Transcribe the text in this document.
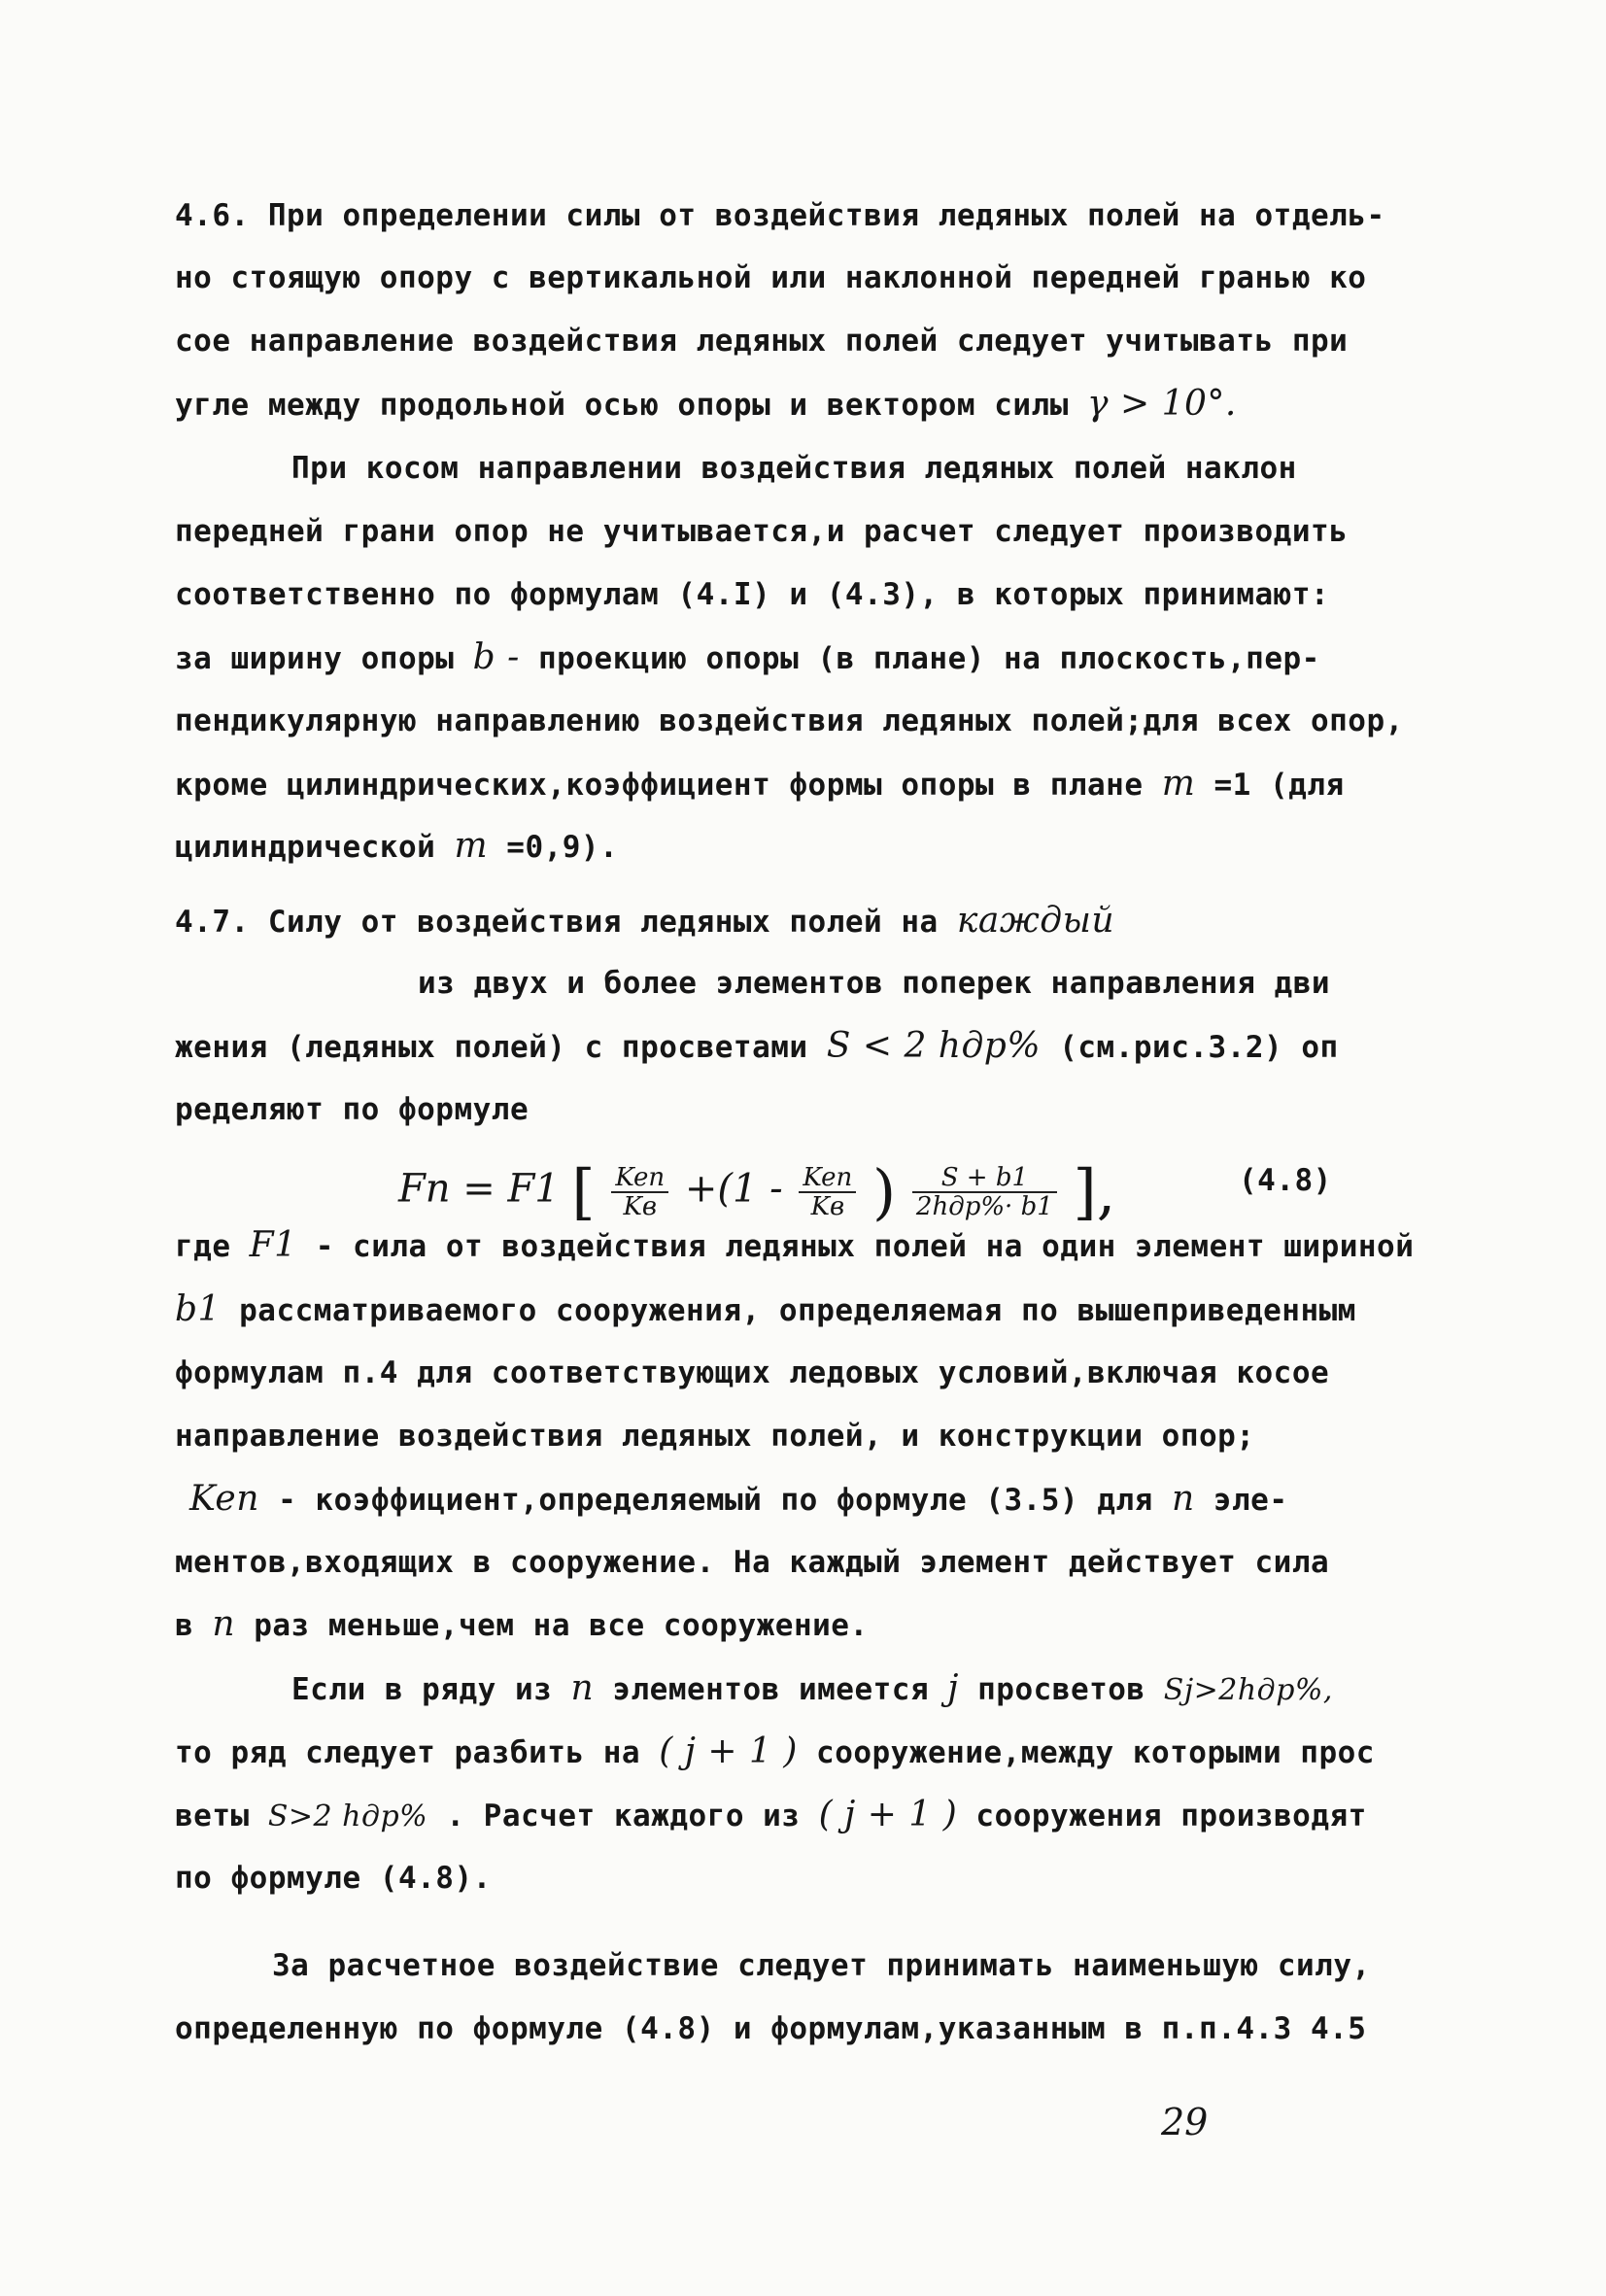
4.6. При определении силы от воздействия ледяных полей на отдель-
но стоящую опору с вертикальной или наклонной передней гранью ко
сое направление воздействия ледяных полей следует учитывать при
угле между продольной осью опоры и вектором силы γ > 10°.
При косом направлении воздействия ледяных полей наклон
передней грани опор не учитывается,и расчет следует производить
соответственно по формулам (4.I) и (4.3), в которых принимают:
за ширину опоры b - проекцию опоры (в плане) на плоскость,пер-
пендикулярную направлению воздействия ледяных полей;для всех опор,
кроме цилиндрических,коэффициент формы опоры в плане m =1 (для
цилиндрической m =0,9).
4.7. Силу от воздействия ледяных полей на каждый
из двух и более элементов поперек направления дви
жения (ледяных полей) с просветами S < 2 hдр% (см.рис.3.2) оп
ределяют по формуле
Fn = F1 [ $\frac{\text{Ken}}{Kв} +(1 - \frac{\text{Ken}}{Kв}$ ) $\frac{S + b1}{\text{2hдр\%· b1}}$ ],	(4.8)
где F1 - сила от воздействия ледяных полей на один элемент шириной
b1 рассматриваемого сооружения, определяемая по вышеприведенным
формулам п.4 для соответствующих ледовых условий,включая косое
направление воздействия ледяных полей, и конструкции опор;
Ken - коэффициент,определяемый по формуле (3.5) для n эле-
ментов,входящих в сооружение. На каждый элемент действует сила
в n раз меньше,чем на все сооружение.
Если в ряду из n элементов имеется j просветов Sj>2hдр%,
то ряд следует разбить на ( j + 1 ) сооружение,между которыми прос
веты S>2 hдр% . Расчет каждого из ( j + 1 ) сооружения производят
по формуле (4.8).
За расчетное воздействие следует принимать наименьшую силу,
определенную по формуле (4.8) и формулам,указанным в п.п.4.3 4.5
29
